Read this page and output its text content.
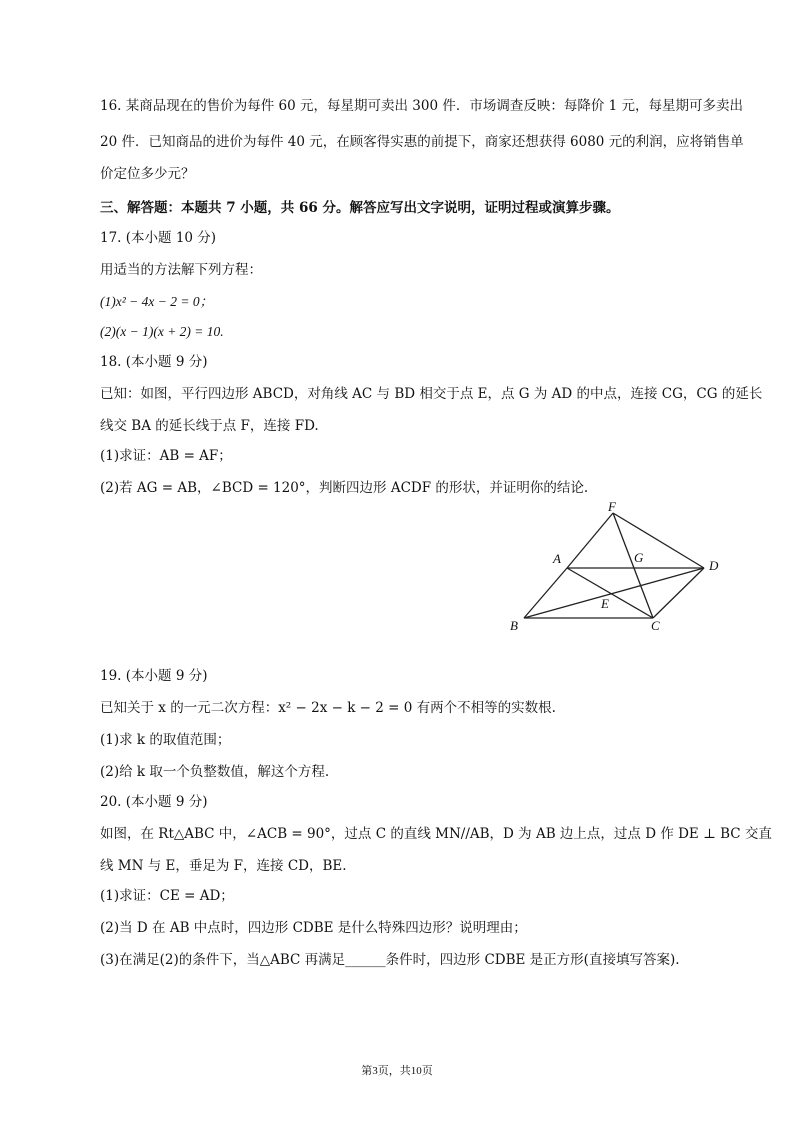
16. 某商品现在的售价为每件 60 元，每星期可卖出 300 件．市场调查反映：每降价 1 元，每星期可多卖出
20 件．已知商品的进价为每件 40 元，在顾客得实惠的前提下，商家还想获得 6080 元的利润，应将销售单
价定位多少元？
三、解答题：本题共 7 小题，共 66 分。解答应写出文字说明，证明过程或演算步骤。
17. (本小题 10 分)
用适当的方法解下列方程：
(1)x² − 4x − 2 = 0；
(2)(x − 1)(x + 2) = 10.
18. (本小题 9 分)
已知：如图，平行四边形 ABCD，对角线 AC 与 BD 相交于点 E，点 G 为 AD 的中点，连接 CG，CG 的延长
线交 BA 的延长线于点 F，连接 FD.
(1)求证：AB = AF；
(2)若 AG = AB，∠BCD = 120°，判断四边形 ACDF 的形状，并证明你的结论.
F
A	G
D
E
B	C
19. (本小题 9 分)
已知关于 x 的一元二次方程：x² − 2x − k − 2 = 0 有两个不相等的实数根.
(1)求 k 的取值范围；
(2)给 k 取一个负整数值，解这个方程.
20. (本小题 9 分)
如图，在 Rt△ABC 中，∠ACB = 90°，过点 C 的直线 MN//AB，D 为 AB 边上点，过点 D 作 DE ⊥ BC 交直
线 MN 与 E，垂足为 F，连接 CD，BE.
(1)求证：CE = AD；
(2)当 D 在 AB 中点时，四边形 CDBE 是什么特殊四边形？说明理由；
(3)在满足(2)的条件下，当△ABC 再满足______条件时，四边形 CDBE 是正方形(直接填写答案).
第3页，共10页
